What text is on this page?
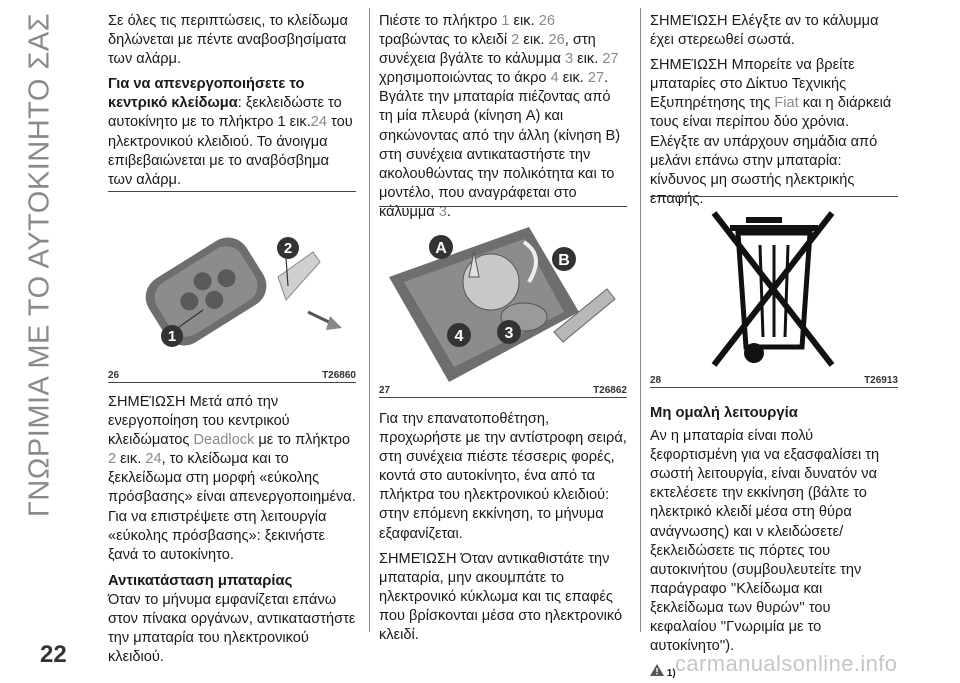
ΓΝΩΡΙΜΙΑ ΜΕ ΤΟ ΑΥΤΟΚΙΝΗΤΟ ΣΑΣ
22

Σε όλες τις περιπτώσεις, το κλείδωμα δηλώνεται με πέντε αναβοσβησίματα των αλάρμ.

Για να απενεργοποιήσετε το κεντρικό κλείδωμα: ξεκλειδώστε το αυτοκίνητο με το πλήκτρο 1 εικ.24 του ηλεκτρονικού κλειδιού. Το άνοιγμα επιβεβαιώνεται με το αναβόσβημα των αλάρμ.

2
1
26	T26860

ΣΗΜΕΊΩΣΗ Μετά από την ενεργοποίηση του κεντρικού κλειδώματος Deadlock με το πλήκτρο 2 εικ. 24, το κλείδωμα και το ξεκλείδωμα στη μορφή «εύκολης πρόσβασης» είναι απενεργοποιημένα. Για να επιστρέψετε στη λειτουργία «εύκολης πρόσβασης»: ξεκινήστε ξανά το αυτοκίνητο.

Αντικατάσταση μπαταρίας

Όταν το μήνυμα εμφανίζεται επάνω στον πίνακα οργάνων, αντικαταστήστε την μπαταρία του ηλεκτρονικού κλειδιού.

Πιέστε το πλήκτρο 1 εικ. 26 τραβώντας το κλειδί 2 εικ. 26, στη συνέχεια βγάλτε το κάλυμμα 3 εικ. 27 χρησιμοποιώντας το άκρο 4 εικ. 27. Βγάλτε την μπαταρία πιέζοντας από τη μία πλευρά (κίνηση A) και σηκώνοντας από την άλλη (κίνηση B) στη συνέχεια αντικαταστήστε την ακολουθώντας την πολικότητα και το μοντέλο, που αναγράφεται στο κάλυμμα 3.

A
B
4	3
27	T26862

Για την επανατοποθέτηση, προχωρήστε με την αντίστροφη σειρά, στη συνέχεια πιέστε τέσσερις φορές, κοντά στο αυτοκίνητο, ένα από τα πλήκτρα του ηλεκτρονικού κλειδιού: στην επόμενη εκκίνηση, το μήνυμα εξαφανίζεται.

ΣΗΜΕΊΩΣΗ Όταν αντικαθιστάτε την μπαταρία, μην ακουμπάτε το ηλεκτρονικό κύκλωμα και τις επαφές που βρίσκονται μέσα στο ηλεκτρονικό κλειδί.

ΣΗΜΕΊΩΣΗ Ελέγξτε αν το κάλυμμα έχει στερεωθεί σωστά.

ΣΗΜΕΊΩΣΗ Μπορείτε να βρείτε μπαταρίες στο Δίκτυο Τεχνικής Εξυπηρέτησης της Fiat και η διάρκειά τους είναι περίπου δύο χρόνια. Ελέγξτε αν υπάρχουν σημάδια από μελάνι επάνω στην μπαταρία: κίνδυνος μη σωστής ηλεκτρικής επαφής.

28	T26913
Μη ομαλή λειτουργία

Αν η μπαταρία είναι πολύ ξεφορτισμένη για να εξασφαλίσει τη σωστή λειτουργία, είναι δυνατόν να εκτελέσετε την εκκίνηση (βάλτε το ηλεκτρικό κλειδί μέσα στη θύρα ανάγνωσης) και ν κλειδώσετε/ξεκλειδώσετε τις πόρτες του αυτοκινήτου (συμβουλευτείτε την παράγραφο ''Κλείδωμα και ξεκλείδωμα των θυρών'' του κεφαλαίου ''Γνωριμία με το αυτοκίνητο'').

1) carmanualsonline.info
